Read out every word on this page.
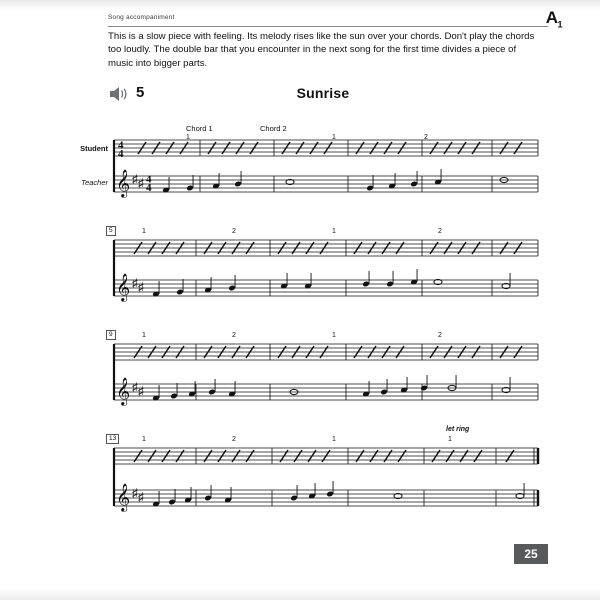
Song accompaniment	$A_1$
This is a slow piece with feeling. Its melody rises like the sun over your chords. Don't play the chords too loudly. The double bar that you encounter in the next song for the first time divides a piece of music into bigger parts.
5	Sunrise
Student
Teacher
Chord 1	Chord 2
1	1	2
4
4
𝄞 ♯ ♯ 4
4
5	1	2	1	2
𝄞 ♯ ♯
9	1	2	1	2
𝄞 ♯ ♯
13	1	2	1
let ring
1
𝄞 ♯ ♯
25
